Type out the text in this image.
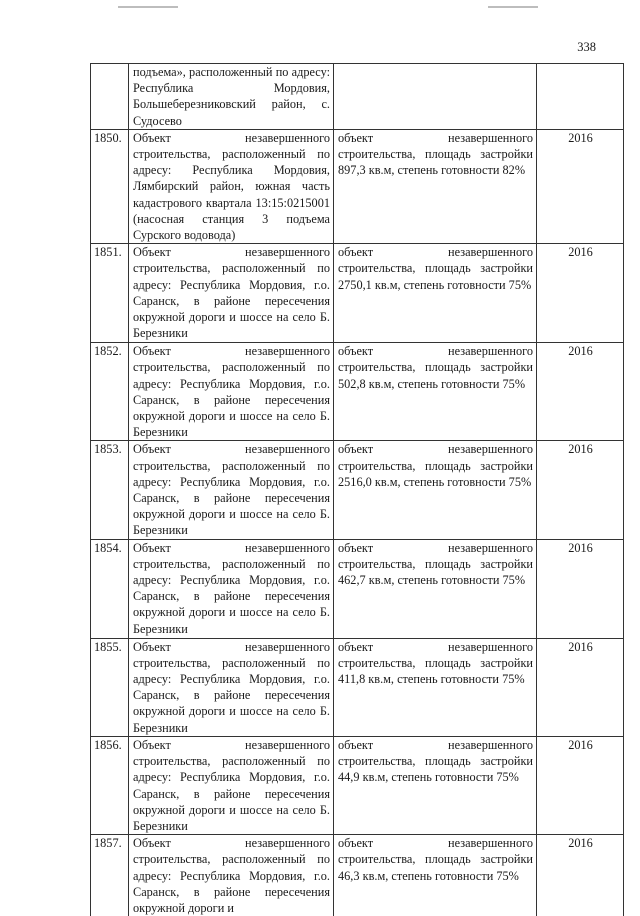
338
	подъема», расположенный по адресу: Республика Мордовия, Большеберезниковский район, с. Судосево		
1850.	Объект незавершенного строительства, расположенный по адресу: Республика Мордовия, Лямбирский район, южная часть кадастрового квартала 13:15:0215001 (насосная станция 3 подъема Сурского водовода)	объект незавершенного строительства, площадь застройки 897,3 кв.м, степень готовности 82%	2016
1851.	Объект незавершенного строительства, расположенный по адресу: Республика Мордовия, г.о. Саранск, в районе пересечения окружной дороги и шоссе на село Б. Березники	объект незавершенного строительства, площадь застройки 2750,1 кв.м, степень готовности 75%	2016
1852.	Объект незавершенного строительства, расположенный по адресу: Республика Мордовия, г.о. Саранск, в районе пересечения окружной дороги и шоссе на село Б. Березники	объект незавершенного строительства, площадь застройки 502,8 кв.м, степень готовности 75%	2016
1853.	Объект незавершенного строительства, расположенный по адресу: Республика Мордовия, г.о. Саранск, в районе пересечения окружной дороги и шоссе на село Б. Березники	объект незавершенного строительства, площадь застройки 2516,0 кв.м, степень готовности 75%	2016
1854.	Объект незавершенного строительства, расположенный по адресу: Республика Мордовия, г.о. Саранск, в районе пересечения окружной дороги и шоссе на село Б. Березники	объект незавершенного строительства, площадь застройки 462,7 кв.м, степень готовности 75%	2016
1855.	Объект незавершенного строительства, расположенный по адресу: Республика Мордовия, г.о. Саранск, в районе пересечения окружной дороги и шоссе на село Б. Березники	объект незавершенного строительства, площадь застройки 411,8 кв.м, степень готовности 75%	2016
1856.	Объект незавершенного строительства, расположенный по адресу: Республика Мордовия, г.о. Саранск, в районе пересечения окружной дороги и шоссе на село Б. Березники	объект незавершенного строительства, площадь застройки 44,9 кв.м, степень готовности 75%	2016
1857.	Объект незавершенного строительства, расположенный по адресу: Республика Мордовия, г.о. Саранск, в районе пересечения окружной дороги и	объект незавершенного строительства, площадь застройки 46,3 кв.м, степень готовности 75%	2016
